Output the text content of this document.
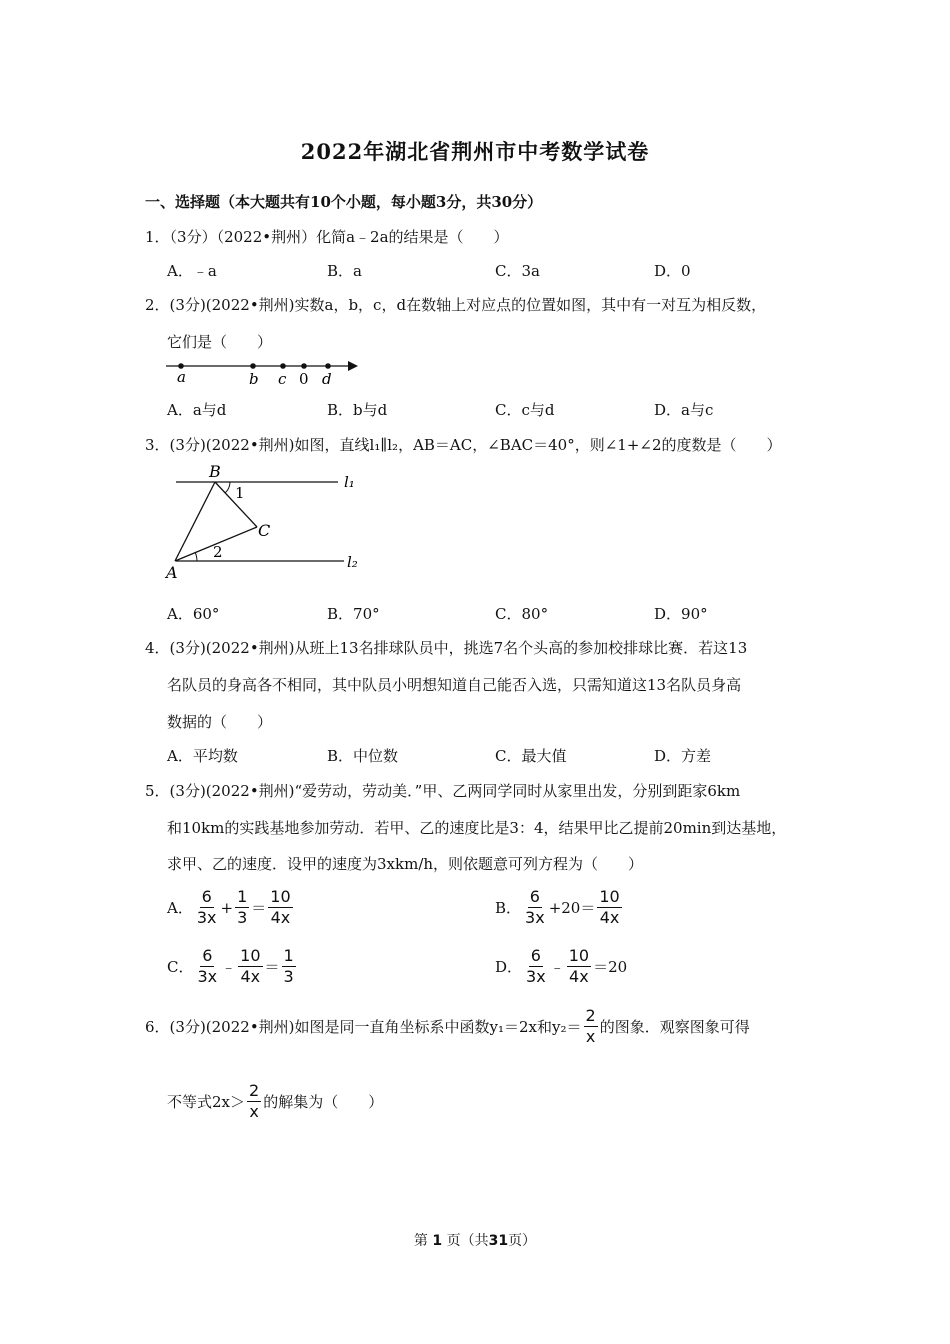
2022年湖北省荆州市中考数学试卷
一、选择题（本大题共有10个小题，每小题3分，共30分）
1．（3分）（2022•荆州）化简a﹣2a的结果是（　　）
A．﹣a	B．a	C．3a	D．0
2．(3分)(2022•荆州)实数a，b，c，d在数轴上对应点的位置如图，其中有一对互为相反数，
它们是（　　）
a	b c 0 d
A．a与d	B．b与d	C．c与d	D．a与c
3．(3分)(2022•荆州)如图，直线l₁∥l₂，AB＝AC，∠BAC＝40°，则∠1+∠2的度数是（　　）
B
C
A
1
2
l₁
l₂
A．60°	B．70°	C．80°	D．90°
4．(3分)(2022•荆州)从班上13名排球队员中，挑选7名个头高的参加校排球比赛．若这13
名队员的身高各不相同，其中队员小明想知道自己能否入选，只需知道这13名队员身高
数据的（　　）
A．平均数	B．中位数	C．最大值	D．方差
5．(3分)(2022•荆州)“爱劳动，劳动美．”甲、乙两同学同时从家里出发，分别到距家6km
和10km的实践基地参加劳动．若甲、乙的速度比是3：4，结果甲比乙提前20min到达基地，
求甲、乙的速度．设甲的速度为3xkm/h，则依题意可列方程为（　　）
A． $\frac{6}{3x} + \frac{1}{3} = \frac{10}{4x}$	B． $\frac{6}{3x} +20= \frac{10}{4x}$
C． $\frac{6}{3x}$ ﹣ $\frac{10}{4x} = \frac{1}{3}$	D． $\frac{6}{3x}$ ﹣ $\frac{10}{4x} =20$
6．(3分)(2022•荆州)如图是同一直角坐标系中函数y₁＝2x和$y_2= \frac{2}{x}$ 的图象．观察图象可得
不等式$2x> \frac{2}{x}$ 的解集为（　　）
第 1 页（共31页）
